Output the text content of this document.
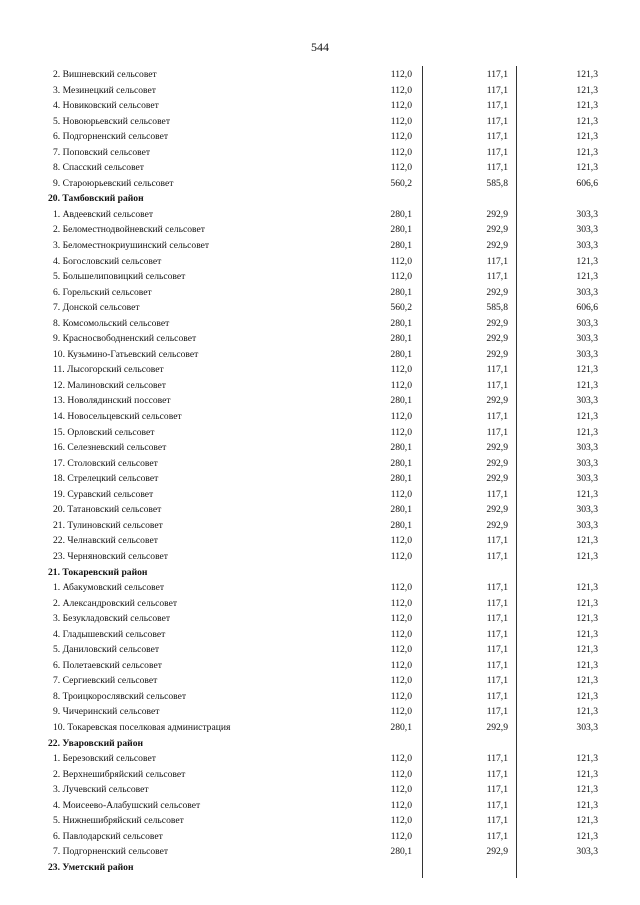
544
2. Вишневский сельсовет	112,0	117,1	121,3
3. Мезинецкий сельсовет	112,0	117,1	121,3
4. Новиковский сельсовет	112,0	117,1	121,3
5. Новоюрьевский сельсовет	112,0	117,1	121,3
6. Подгорненский сельсовет	112,0	117,1	121,3
7. Поповский сельсовет	112,0	117,1	121,3
8. Спасский сельсовет	112,0	117,1	121,3
9. Староюрьевский сельсовет	560,2	585,8	606,6
20. Тамбовский район
1. Авдеевский сельсовет	280,1	292,9	303,3
2. Беломестнодвойневский сельсовет	280,1	292,9	303,3
3. Беломестнокриушинский сельсовет	280,1	292,9	303,3
4. Богословский сельсовет	112,0	117,1	121,3
5. Большелиповицкий сельсовет	112,0	117,1	121,3
6. Горельский сельсовет	280,1	292,9	303,3
7. Донской сельсовет	560,2	585,8	606,6
8. Комсомольский сельсовет	280,1	292,9	303,3
9. Красносвободненский сельсовет	280,1	292,9	303,3
10. Кузьмино-Гатьевский сельсовет	280,1	292,9	303,3
11. Лысогорский сельсовет	112,0	117,1	121,3
12. Малиновский сельсовет	112,0	117,1	121,3
13. Новолядинский поссовет	280,1	292,9	303,3
14. Новосельцевский сельсовет	112,0	117,1	121,3
15. Орловский сельсовет	112,0	117,1	121,3
16. Селезневский сельсовет	280,1	292,9	303,3
17. Столовский сельсовет	280,1	292,9	303,3
18. Стрелецкий сельсовет	280,1	292,9	303,3
19. Суравский сельсовет	112,0	117,1	121,3
20. Татановский сельсовет	280,1	292,9	303,3
21. Тулиновский сельсовет	280,1	292,9	303,3
22. Челнавский сельсовет	112,0	117,1	121,3
23. Черняновский сельсовет	112,0	117,1	121,3
21. Токаревский район
1. Абакумовский сельсовет	112,0	117,1	121,3
2. Александровский сельсовет	112,0	117,1	121,3
3. Безукладовский сельсовет	112,0	117,1	121,3
4. Гладышевский сельсовет	112,0	117,1	121,3
5. Даниловский сельсовет	112,0	117,1	121,3
6. Полетаевский сельсовет	112,0	117,1	121,3
7. Сергиевский сельсовет	112,0	117,1	121,3
8. Троицкорослявский сельсовет	112,0	117,1	121,3
9. Чичеринский сельсовет	112,0	117,1	121,3
10. Токаревская поселковая администрация	280,1	292,9	303,3
22. Уваровский район
1. Березовский сельсовет	112,0	117,1	121,3
2. Верхнешибряйский сельсовет	112,0	117,1	121,3
3. Лучевский сельсовет	112,0	117,1	121,3
4. Моисеево-Алабушский сельсовет	112,0	117,1	121,3
5. Нижнешибряйский сельсовет	112,0	117,1	121,3
6. Павлодарский сельсовет	112,0	117,1	121,3
7. Подгорненский сельсовет	280,1	292,9	303,3
23. Уметский район
